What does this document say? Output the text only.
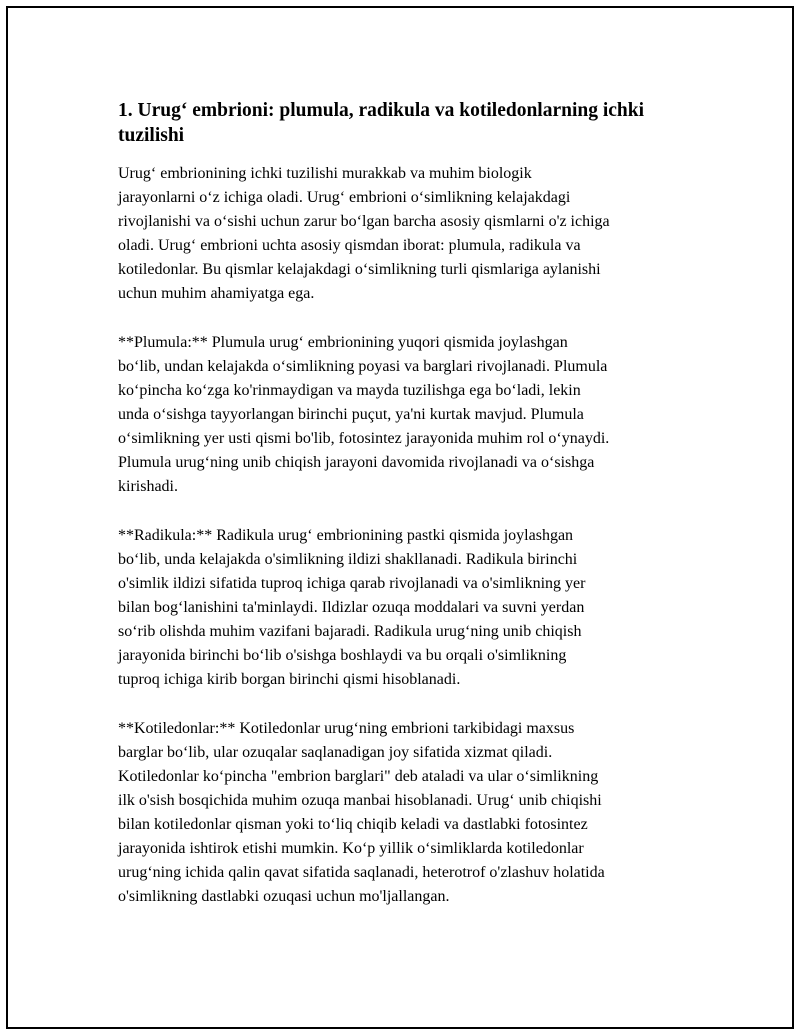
1. Urug‘ embrioni: plumula, radikula va kotiledonlarning ichki tuzilishi

Urug‘ embrionining ichki tuzilishi murakkab va muhim biologik
jarayonlarni o‘z ichiga oladi. Urug‘ embrioni o‘simlikning kelajakdagi
rivojlanishi va o‘sishi uchun zarur bo‘lgan barcha asosiy qismlarni o'z ichiga
oladi. Urug‘ embrioni uchta asosiy qismdan iborat: plumula, radikula va
kotiledonlar. Bu qismlar kelajakdagi o‘simlikning turli qismlariga aylanishi
uchun muhim ahamiyatga ega.

**Plumula:** Plumula urug‘ embrionining yuqori qismida joylashgan
bo‘lib, undan kelajakda o‘simlikning poyasi va barglari rivojlanadi. Plumula
ko‘pincha ko‘zga ko'rinmaydigan va mayda tuzilishga ega bo‘ladi, lekin
unda o‘sishga tayyorlangan birinchi puçut, ya'ni kurtak mavjud. Plumula
o‘simlikning yer usti qismi bo'lib, fotosintez jarayonida muhim rol o‘ynaydi.
Plumula urug‘ning unib chiqish jarayoni davomida rivojlanadi va o‘sishga
kirishadi.

**Radikula:** Radikula urug‘ embrionining pastki qismida joylashgan
bo‘lib, unda kelajakda o'simlikning ildizi shakllanadi. Radikula birinchi
o'simlik ildizi sifatida tuproq ichiga qarab rivojlanadi va o'simlikning yer
bilan bog‘lanishini ta'minlaydi. Ildizlar ozuqa moddalari va suvni yerdan
so‘rib olishda muhim vazifani bajaradi. Radikula urug‘ning unib chiqish
jarayonida birinchi bo‘lib o'sishga boshlaydi va bu orqali o'simlikning
tuproq ichiga kirib borgan birinchi qismi hisoblanadi.

**Kotiledonlar:** Kotiledonlar urug‘ning embrioni tarkibidagi maxsus
barglar bo‘lib, ular ozuqalar saqlanadigan joy sifatida xizmat qiladi.
Kotiledonlar ko‘pincha "embrion barglari" deb ataladi va ular o‘simlikning
ilk o'sish bosqichida muhim ozuqa manbai hisoblanadi. Urug‘ unib chiqishi
bilan kotiledonlar qisman yoki to‘liq chiqib keladi va dastlabki fotosintez
jarayonida ishtirok etishi mumkin. Ko‘p yillik o‘simliklarda kotiledonlar
urug‘ning ichida qalin qavat sifatida saqlanadi, heterotrof o'zlashuv holatida
o'simlikning dastlabki ozuqasi uchun mo'ljallangan.
